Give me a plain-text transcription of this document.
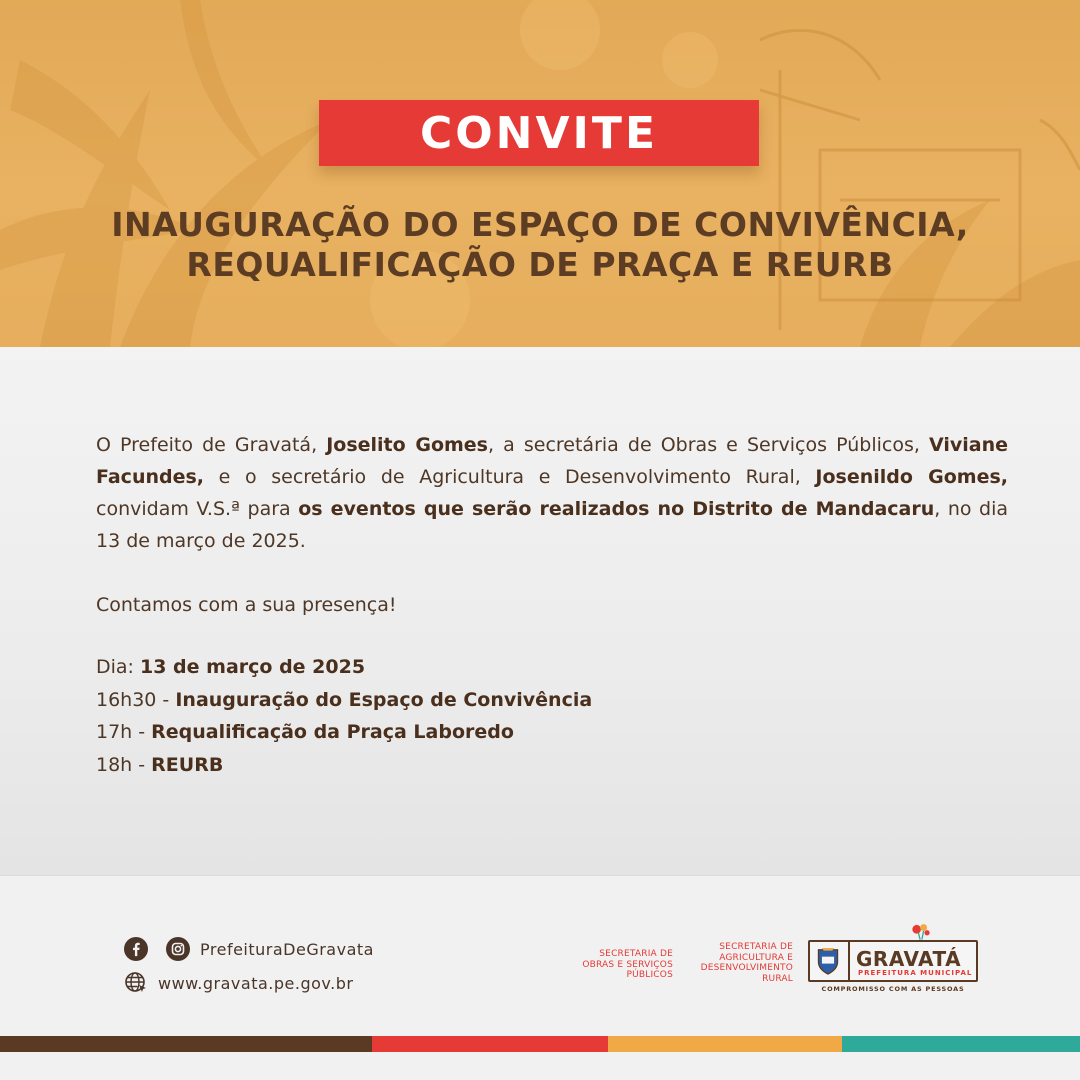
CONVITE
INAUGURAÇÃO DO ESPAÇO DE CONVIVÊNCIA,
REQUALIFICAÇÃO DE PRAÇA E REURB

O Prefeito de Gravatá, Joselito Gomes, a secretária de Obras e Serviços Públicos, Viviane Facundes, e o secretário de Agricultura e Desenvolvimento Rural, Josenildo Gomes, convidam V.S.ª para os eventos que serão realizados no Distrito de Mandacaru, no dia 13 de março de 2025.

Contamos com a sua presença!

Dia: 13 de março de 2025
16h30 - Inauguração do Espaço de Convivência
17h - Requalificação da Praça Laboredo
18h - REURB
PrefeituraDeGravata
www.gravata.pe.gov.br
SECRETARIA DE
OBRAS E SERVIÇOS
PÚBLICOS
SECRETARIA DE
AGRICULTURA E
DESENVOLVIMENTO
RURAL
GRAVATÁ
PREFEITURA MUNICIPAL
COMPROMISSO COM AS PESSOAS
